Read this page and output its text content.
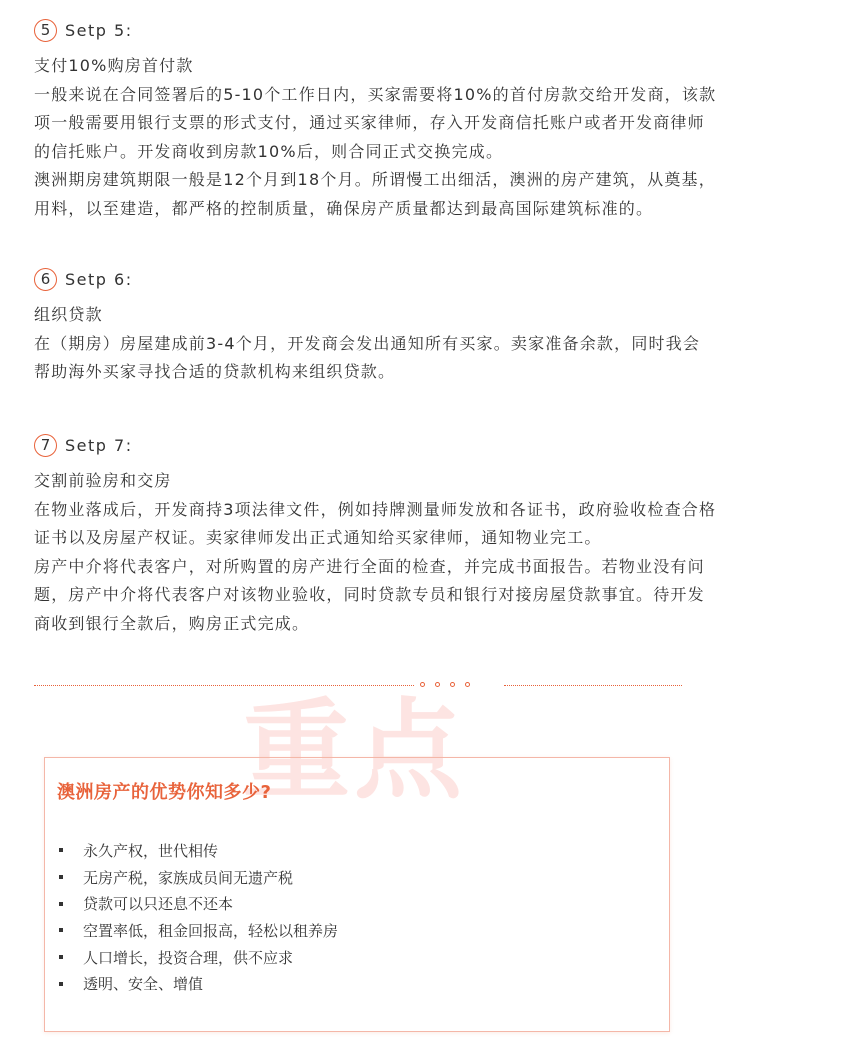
5 Setp 5:

支付10%购房首付款

一般来说在合同签署后的5-10个工作日内，买家需要将10%的首付房款交给开发商，该款

项一般需要用银行支票的形式支付，通过买家律师，存入开发商信托账户或者开发商律师

的信托账户。开发商收到房款10%后，则合同正式交换完成。

澳洲期房建筑期限一般是12个月到18个月。所谓慢工出细活，澳洲的房产建筑，从奠基，

用料，以至建造，都严格的控制质量，确保房产质量都达到最高国际建筑标准的。

6 Setp 6:

组织贷款

在（期房）房屋建成前3-4个月，开发商会发出通知所有买家。卖家准备余款，同时我会

帮助海外买家寻找合适的贷款机构来组织贷款。

7 Setp 7:

交割前验房和交房

在物业落成后，开发商持3项法律文件，例如持牌测量师发放和各证书，政府验收检查合格

证书以及房屋产权证。卖家律师发出正式通知给买家律师，通知物业完工。

房产中介将代表客户，对所购置的房产进行全面的检查，并完成书面报告。若物业没有问

题，房产中介将代表客户对该物业验收，同时贷款专员和银行对接房屋贷款事宜。待开发

商收到银行全款后，购房正式完成。

重点
澳洲房产的优势你知多少?
永久产权，世代相传
无房产税，家族成员间无遗产税
贷款可以只还息不还本
空置率低，租金回报高，轻松以租养房
人口增长，投资合理，供不应求
透明、安全、增值
